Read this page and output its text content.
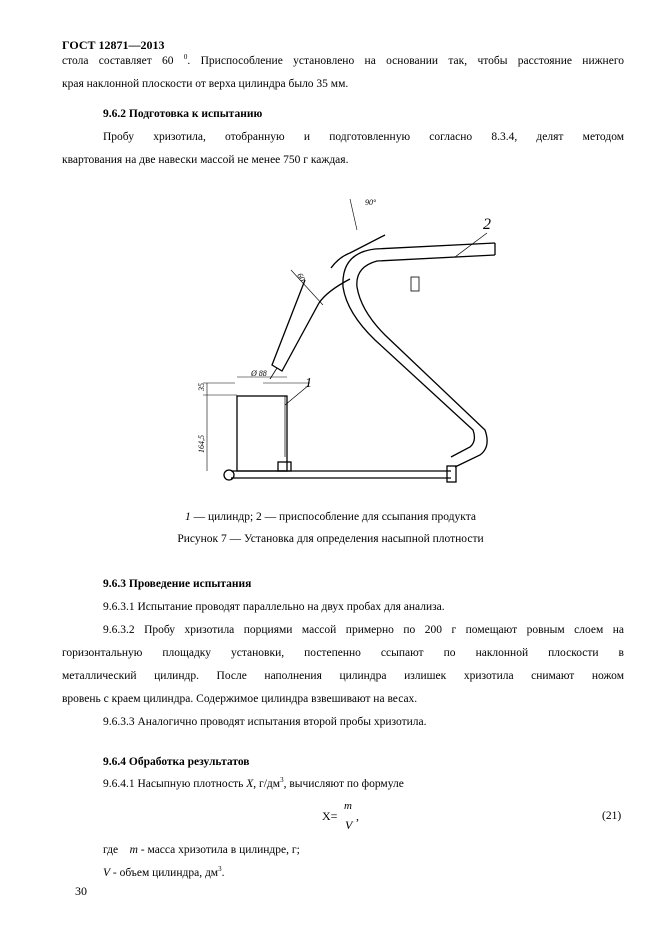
ГОСТ 12871—2013
стола составляет 60 $^0$. Приспособление установлено на основании так, чтобы расстояние нижнего
края наклонной плоскости от верха цилиндра было 35 мм.
9.6.2 Подготовка к испытанию
Пробу хризотила, отобранную и подготовленную согласно 8.3.4, делят методом
квартования на две навески массой не менее 750 г каждая.
2
1
90°
60
Ø 88
35
164,5
1 — цилиндр; 2 — приспособление для ссыпания продукта
Рисунок 7 — Установка для определения насыпной плотности
9.6.3 Проведение испытания
9.6.3.1 Испытание проводят параллельно на двух пробах для анализа.
9.6.3.2 Пробу хризотила порциями массой примерно по 200 г помещают ровным слоем на
горизонтальную площадку установки, постепенно ссыпают по наклонной плоскости в
металлический цилиндр. После наполнения цилиндра излишек хризотила снимают ножом
вровень с краем цилиндра. Содержимое цилиндра взвешивают на весах.
9.6.3.3 Аналогично проводят испытания второй пробы хризотила.
9.6.4 Обработка результатов
9.6.4.1 Насыпную плотность X, $г/дм^3$, вычисляют по формуле
X=
m
V
,	(21)
где m - масса хризотила в цилиндре, г;
V - объем цилиндра, $дм^3$.
30
